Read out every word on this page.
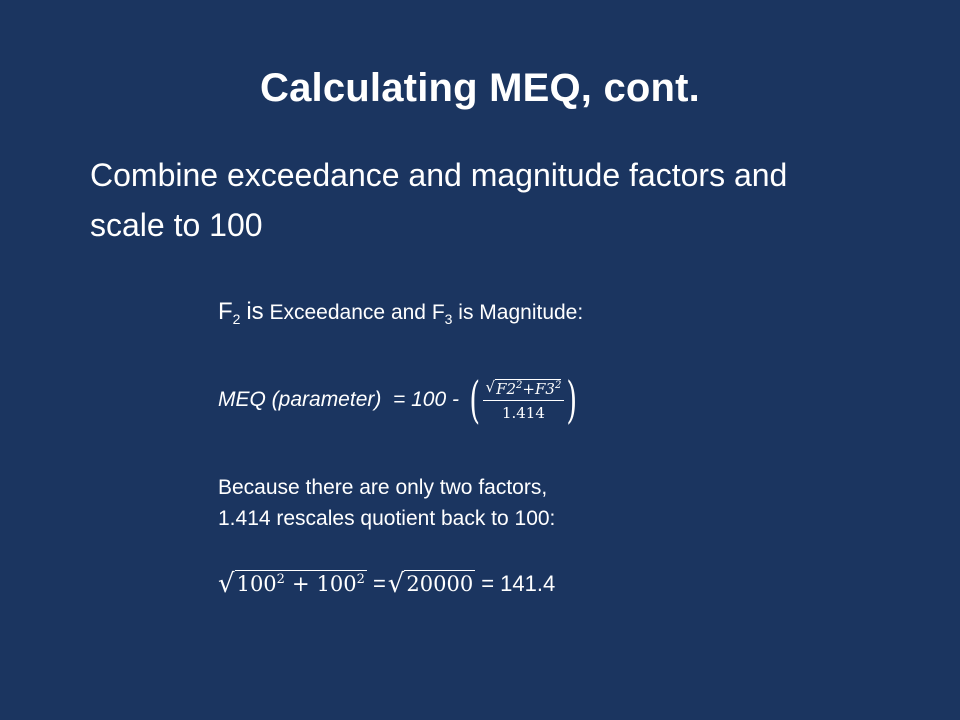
Calculating MEQ, cont.
Combine exceedance and magnitude factors and scale to 100
$F_2$ is Exceedance and $F_3$ is Magnitude:
MEQ (parameter)  = 100 - ( $\frac{√ F2^2+F3^2}{1.414}$ )
Because there are only two factors,
1.414 rescales quotient back to 100:
√ $100^2 + 100^2$ = √ 20000 = 141.4
